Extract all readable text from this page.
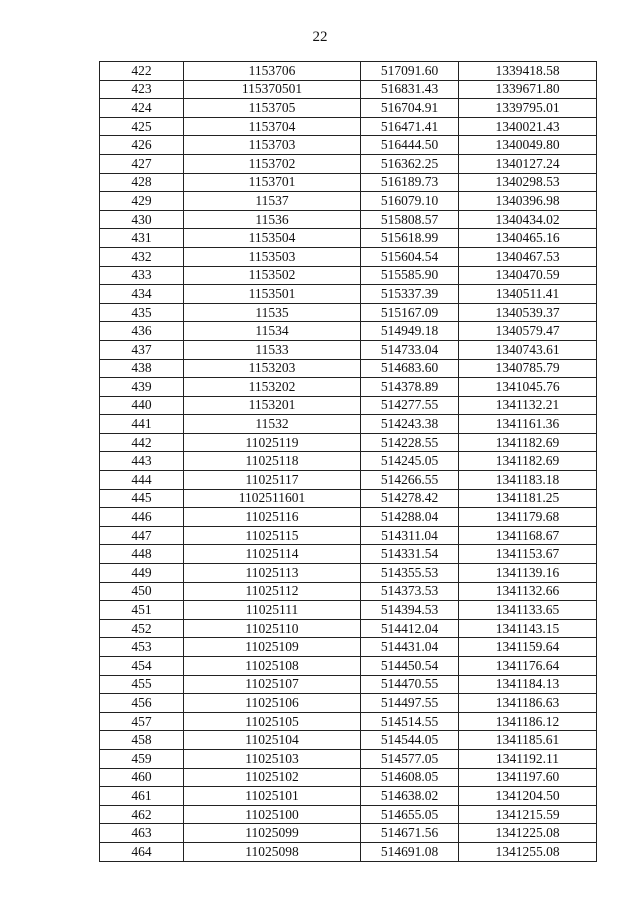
22
422	1153706	517091.60	1339418.58
423	115370501	516831.43	1339671.80
424	1153705	516704.91	1339795.01
425	1153704	516471.41	1340021.43
426	1153703	516444.50	1340049.80
427	1153702	516362.25	1340127.24
428	1153701	516189.73	1340298.53
429	11537	516079.10	1340396.98
430	11536	515808.57	1340434.02
431	1153504	515618.99	1340465.16
432	1153503	515604.54	1340467.53
433	1153502	515585.90	1340470.59
434	1153501	515337.39	1340511.41
435	11535	515167.09	1340539.37
436	11534	514949.18	1340579.47
437	11533	514733.04	1340743.61
438	1153203	514683.60	1340785.79
439	1153202	514378.89	1341045.76
440	1153201	514277.55	1341132.21
441	11532	514243.38	1341161.36
442	11025119	514228.55	1341182.69
443	11025118	514245.05	1341182.69
444	11025117	514266.55	1341183.18
445	1102511601	514278.42	1341181.25
446	11025116	514288.04	1341179.68
447	11025115	514311.04	1341168.67
448	11025114	514331.54	1341153.67
449	11025113	514355.53	1341139.16
450	11025112	514373.53	1341132.66
451	11025111	514394.53	1341133.65
452	11025110	514412.04	1341143.15
453	11025109	514431.04	1341159.64
454	11025108	514450.54	1341176.64
455	11025107	514470.55	1341184.13
456	11025106	514497.55	1341186.63
457	11025105	514514.55	1341186.12
458	11025104	514544.05	1341185.61
459	11025103	514577.05	1341192.11
460	11025102	514608.05	1341197.60
461	11025101	514638.02	1341204.50
462	11025100	514655.05	1341215.59
463	11025099	514671.56	1341225.08
464	11025098	514691.08	1341255.08
